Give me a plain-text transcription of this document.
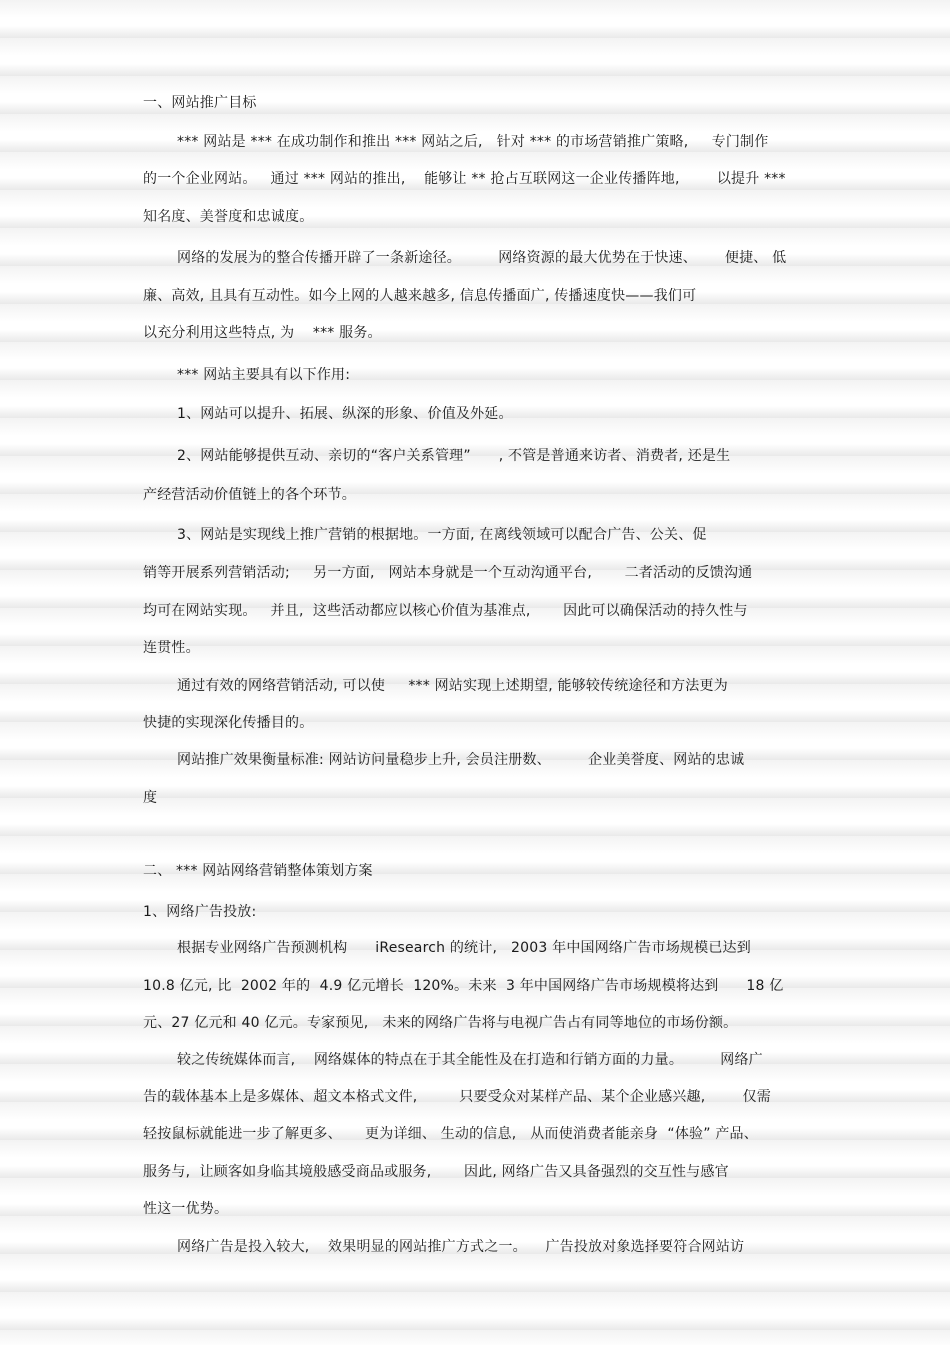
一、网站推广目标
*** 网站是 *** 在成功制作和推出 *** 网站之后,   针对 *** 的市场营销推广策略,     专门制作
的一个企业网站。   通过 *** 网站的推出,    能够让 ** 抢占互联网这一企业传播阵地,        以提升 ***
知名度、美誉度和忠诚度。
网络的发展为的整合传播开辟了一条新途径。        网络资源的最大优势在于快速、      便捷、 低
廉、高效, 且具有互动性。如今上网的人越来越多, 信息传播面广, 传播速度快——我们可
以充分利用这些特点, 为    *** 服务。
*** 网站主要具有以下作用:
1、网站可以提升、拓展、纵深的形象、价值及外延。
2、网站能够提供互动、亲切的“客户关系管理”      , 不管是普通来访者、消费者, 还是生
产经营活动价值链上的各个环节。
3、网站是实现线上推广营销的根据地。一方面, 在离线领域可以配合广告、公关、促
销等开展系列营销活动;     另一方面,   网站本身就是一个互动沟通平台,       二者活动的反馈沟通
均可在网站实现。   并且,  这些活动都应以核心价值为基准点,       因此可以确保活动的持久性与
连贯性。
通过有效的网络营销活动, 可以使     *** 网站实现上述期望, 能够较传统途径和方法更为
快捷的实现深化传播目的。
网站推广效果衡量标准: 网站访问量稳步上升, 会员注册数、        企业美誉度、网站的忠诚
度
二、 *** 网站网络营销整体策划方案
1、网络广告投放:
根据专业网络广告预测机构      iResearch 的统计,   2003 年中国网络广告市场规模已达到
10.8 亿元, 比  2002 年的  4.9 亿元增长  120%。未来  3 年中国网络广告市场规模将达到      18 亿
元、27 亿元和 40 亿元。专家预见,   未来的网络广告将与电视广告占有同等地位的市场份额。
较之传统媒体而言,    网络媒体的特点在于其全能性及在打造和行销方面的力量。        网络广
告的载体基本上是多媒体、超文本格式文件,         只要受众对某样产品、某个企业感兴趣,        仅需
轻按鼠标就能进一步了解更多、     更为详细、 生动的信息,   从而使消费者能亲身  “体验” 产品、
服务与,  让顾客如身临其境般感受商品或服务,       因此, 网络广告又具备强烈的交互性与感官
性这一优势。
网络广告是投入较大,    效果明显的网站推广方式之一。    广告投放对象选择要符合网站访
